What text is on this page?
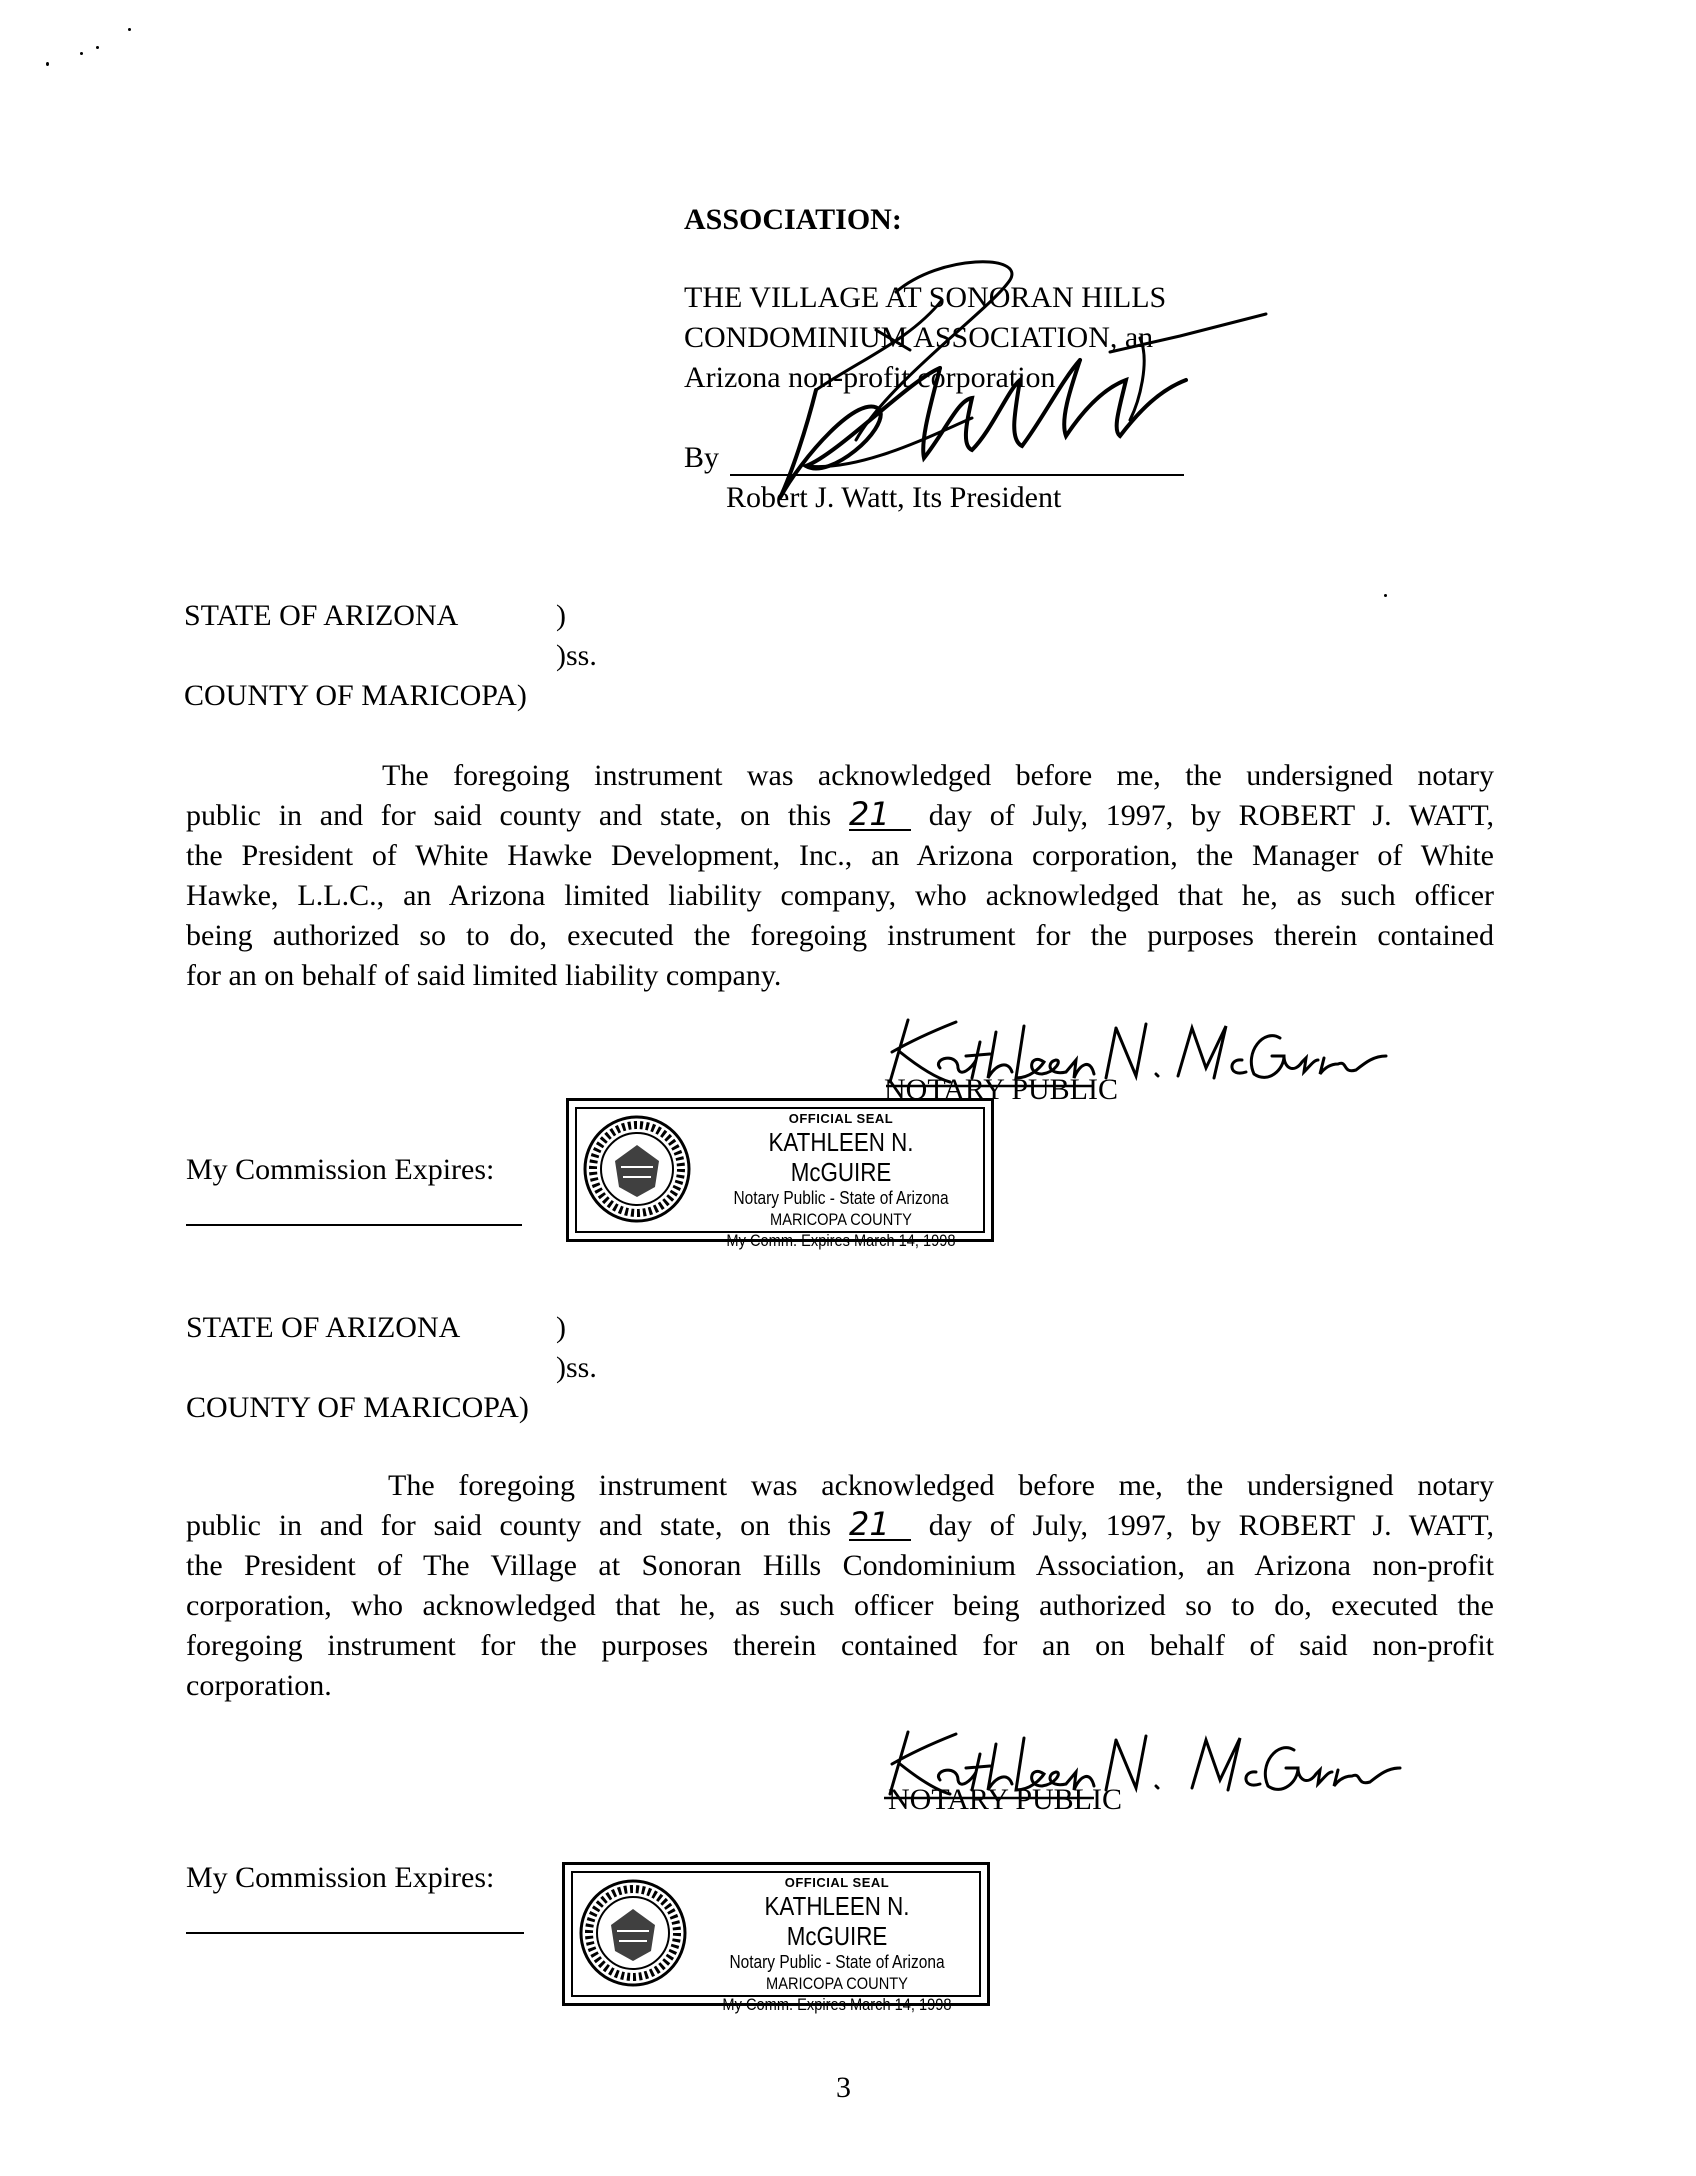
ASSOCIATION:
THE VILLAGE AT SONORAN HILLS
CONDOMINIUM ASSOCIATION, an
Arizona non-profit corporation
By
Robert J. Watt, Its President
STATE OF ARIZONA	)
)ss.
COUNTY OF MARICOPA)
The foregoing instrument was acknowledged before me, the undersigned notary
public in and for said county and state, on this 21 day of July, 1997, by ROBERT J. WATT,
the President of White Hawke Development, Inc., an Arizona corporation, the Manager of White
Hawke, L.L.C., an Arizona limited liability company, who acknowledged that he, as such officer
being authorized so to do, executed the foregoing instrument for the purposes therein contained
for an on behalf of said limited liability company.
NOTARY PUBLIC
My Commission Expires:
OFFICIAL SEAL
KATHLEEN N. McGUIRE
Notary Public - State of Arizona
MARICOPA COUNTY
My Comm. Expires March 14, 1998
STATE OF ARIZONA	)
)ss.
COUNTY OF MARICOPA)
The foregoing instrument was acknowledged before me, the undersigned notary
public in and for said county and state, on this 21 day of July, 1997, by ROBERT J. WATT,
the President of The Village at Sonoran Hills Condominium Association, an Arizona non-profit
corporation, who acknowledged that he, as such officer being authorized so to do, executed the
foregoing instrument for the purposes therein contained for an on behalf of said non-profit
corporation.
NOTARY PUBLIC
My Commission Expires:	OFFICIAL SEAL
KATHLEEN N. McGUIRE
Notary Public - State of Arizona
MARICOPA COUNTY
My Comm. Expires March 14, 1998
3
